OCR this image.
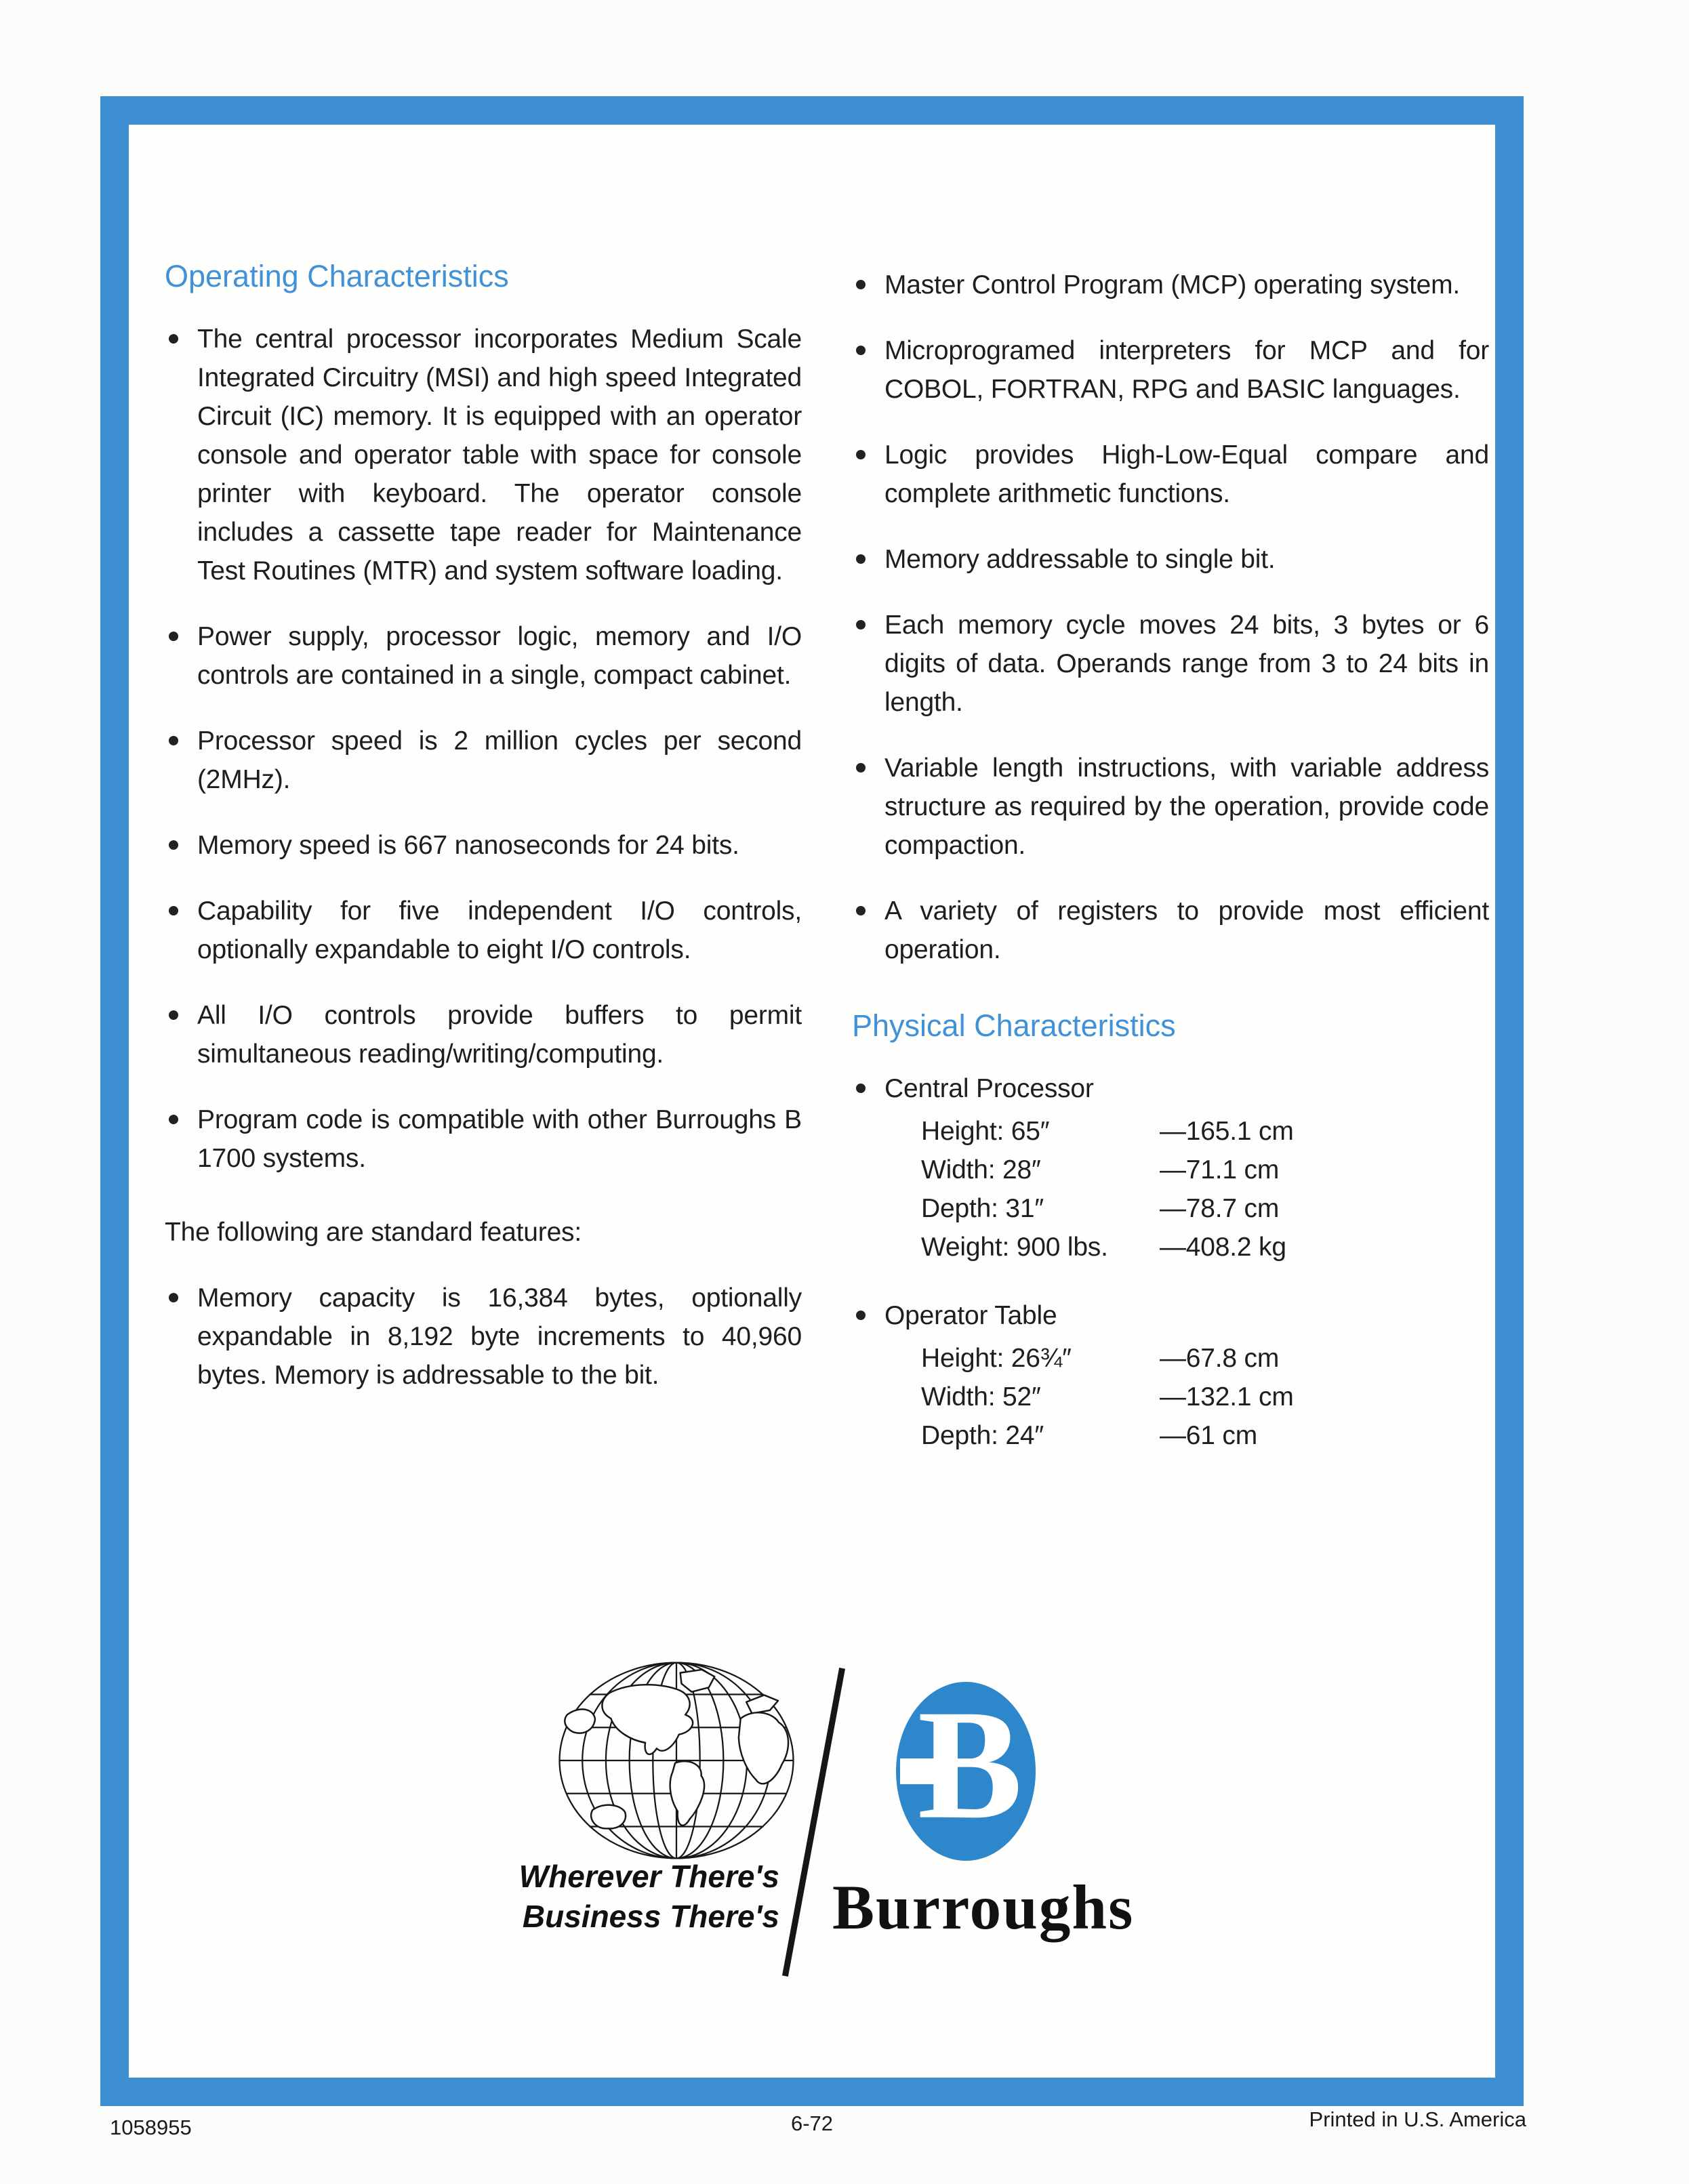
Operating Characteristics

The central processor incorporates Medium Scale Integrated Circuitry (MSI) and high speed Integrated Circuit (IC) memory. It is equipped with an operator console and operator table with space for console printer with keyboard. The operator console includes a cassette tape reader for Maintenance Test Routines (MTR) and system software loading.

Power supply, processor logic, memory and I/O controls are contained in a single, compact cabinet.

Processor speed is 2 million cycles per second (2MHz).

Memory speed is 667 nanoseconds for 24 bits.

Capability for five independent I/O controls, optionally expandable to eight I/O controls.

All I/O controls provide buffers to permit simultaneous reading/writing/computing.

Program code is compatible with other Burroughs B 1700 systems.

The following are standard features:

Memory capacity is 16,384 bytes, optionally expandable in 8,192 byte increments to 40,960 bytes. Memory is addressable to the bit.

Master Control Program (MCP) operating system.

Microprogramed interpreters for MCP and for COBOL, FORTRAN, RPG and BASIC languages.

Logic provides High-Low-Equal compare and complete arithmetic functions.

Memory addressable to single bit.

Each memory cycle moves 24 bits, 3 bytes or 6 digits of data. Operands range from 3 to 24 bits in length.

Variable length instructions, with variable address structure as required by the operation, provide code compaction.

A variety of registers to provide most efficient operation.

Physical Characteristics

Central Processor

Height: 65″	—165.1 cm
Width: 28″	—71.1 cm
Depth: 31″	—78.7 cm
Weight: 900 lbs.	—408.2 kg

Operator Table

Height: 26¾″	—67.8 cm
Width: 52″	—132.1 cm
Depth: 24″	—61 cm
Wherever There's
Business There's
B
Burroughs
1058955	6-72	Printed in U.S. America
